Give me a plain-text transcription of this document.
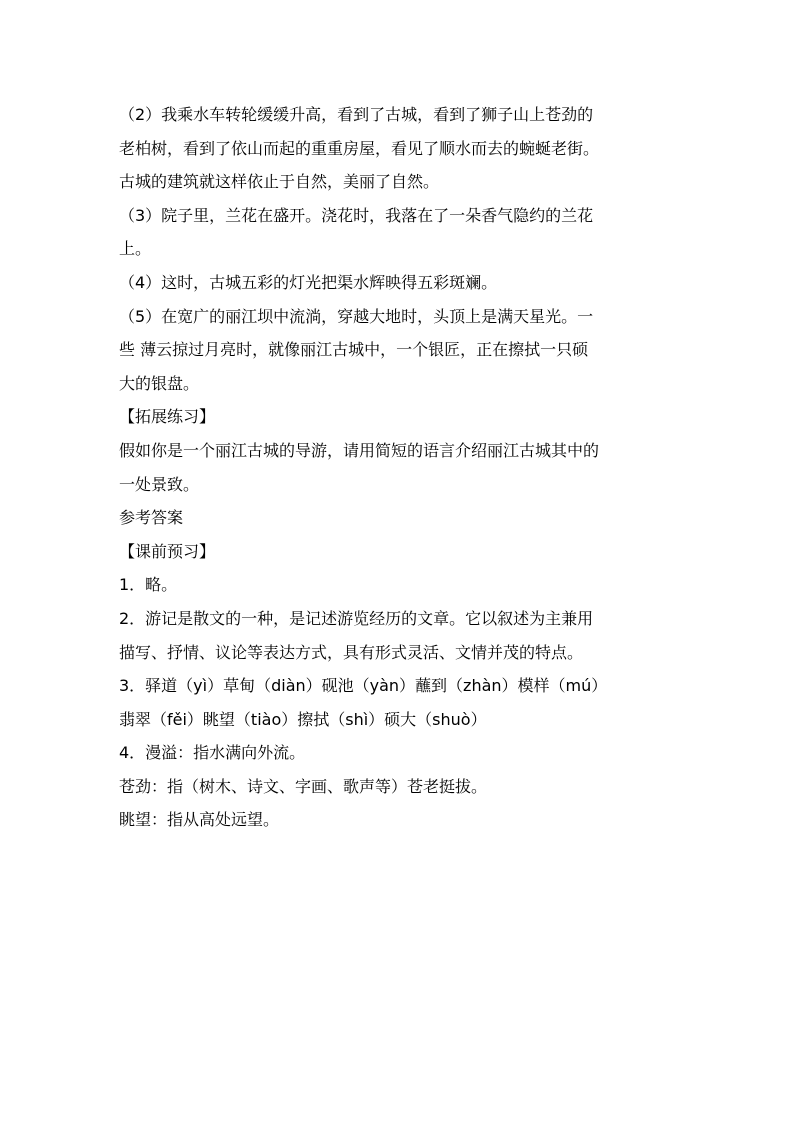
（2）我乘水车转轮缓缓升高，看到了古城，看到了狮子山上苍劲的
老柏树，看到了依山而起的重重房屋，看见了顺水而去的蜿蜒老街。
古城的建筑就这样依止于自然，美丽了自然。
（3）院子里，兰花在盛开。浇花时，我落在了一朵香气隐约的兰花
上。
（4）这时，古城五彩的灯光把渠水辉映得五彩斑斓。
（5）在宽广的丽江坝中流淌，穿越大地时，头顶上是满天星光。一
些 薄云掠过月亮时，就像丽江古城中，一个银匠，正在擦拭一只硕
大的银盘。
【拓展练习】
假如你是一个丽江古城的导游，请用简短的语言介绍丽江古城其中的
一处景致。
参考答案
【课前预习】
1．略。
2．游记是散文的一种，是记述游览经历的文章。它以叙述为主兼用
描写、抒情、议论等表达方式，具有形式灵活、文情并茂的特点。
3．驿道（yì）草甸（diàn）砚池（yàn）蘸到（zhàn）模样（mú）
翡翠（fěi）眺望（tiào）擦拭（shì）硕大（shuò）
4．漫溢：指水满向外流。
苍劲：指（树木、诗文、字画、歌声等）苍老挺拔。
眺望：指从高处远望。
